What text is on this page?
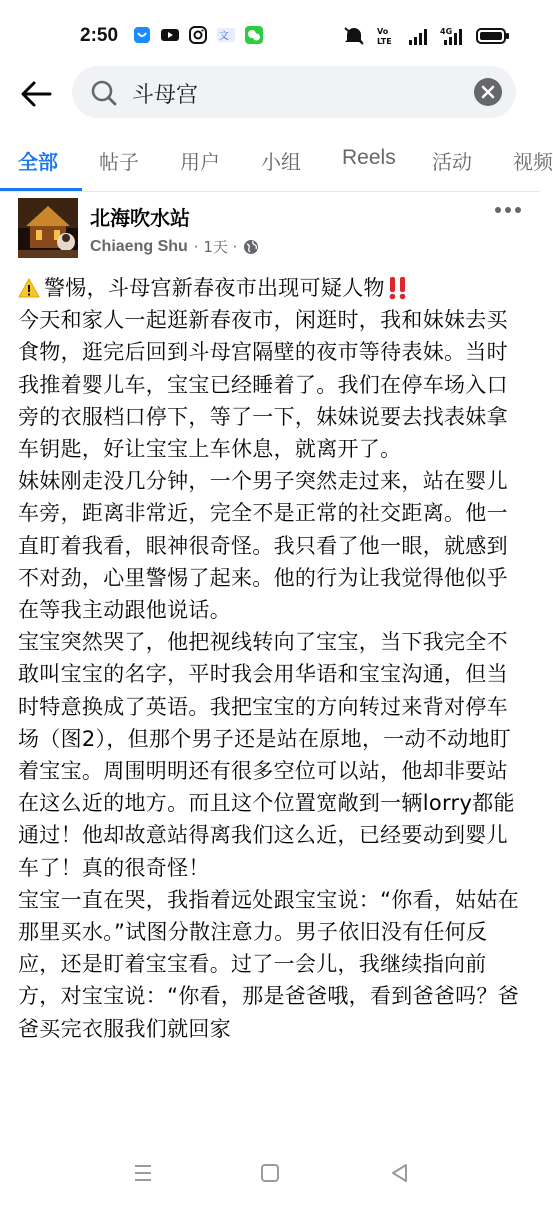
2:50	文	Vo
LTE
4G
斗母宫
全部 帖子 用户 小组 Reels 活动 视频
北海吹水站
Chiaeng Shu · 1天 ·

警惕，斗母宫新春夜市出现可疑人物

今天和家人一起逛新春夜市，闲逛时，我和妹妹去买食物，逛完后回到斗母宫隔壁的夜市等待表妹。当时我推着婴儿车，宝宝已经睡着了。我们在停车场入口旁的衣服档口停下，等了一下，妹妹说要去找表妹拿车钥匙，好让宝宝上车休息，就离开了。

妹妹刚走没几分钟，一个男子突然走过来，站在婴儿车旁，距离非常近，完全不是正常的社交距离。他一直盯着我看，眼神很奇怪。我只看了他一眼，就感到不对劲，心里警惕了起来。他的行为让我觉得他似乎在等我主动跟他说话。

宝宝突然哭了，他把视线转向了宝宝，当下我完全不敢叫宝宝的名字，平时我会用华语和宝宝沟通，但当时特意换成了英语。我把宝宝的方向转过来背对停车场（图2），但那个男子还是站在原地，一动不动地盯着宝宝。周围明明还有很多空位可以站，他却非要站在这么近的地方。而且这个位置宽敞到一辆lorry都能通过！他却故意站得离我们这么近，已经要动到婴儿车了！真的很奇怪！

宝宝一直在哭，我指着远处跟宝宝说：“你看，姑姑在那里买水。”试图分散注意力。男子依旧没有任何反应，还是盯着宝宝看。过了一会儿，我继续指向前方，对宝宝说：“你看，那是爸爸哦，看到爸爸吗？爸爸买完衣服我们就回家
